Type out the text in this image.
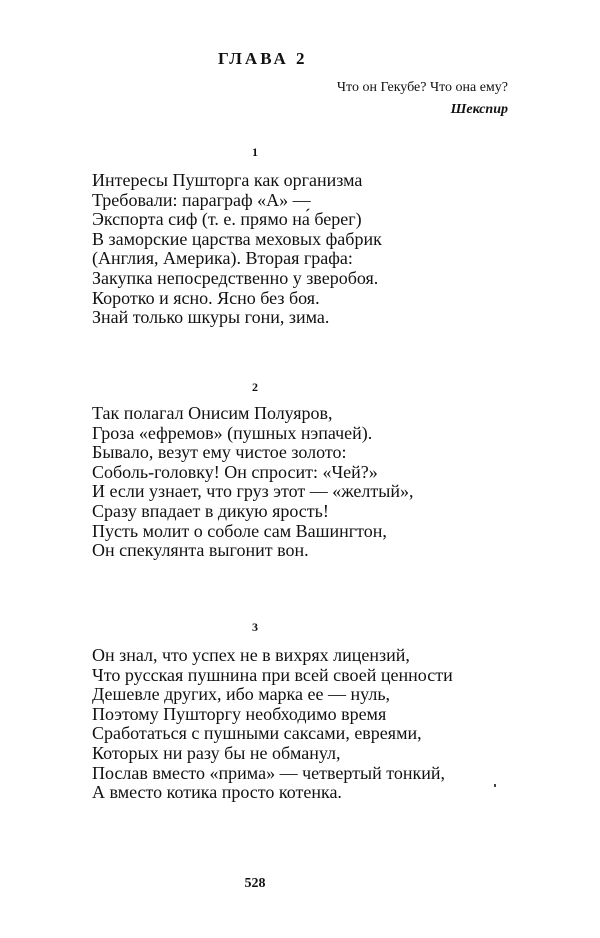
ГЛАВА 2
Что он Гекубе? Что она ему?
Шекспир
1
Интересы Пушторга как организма
Требовали: параграф «А» —
Экспорта сиф (т. е. прямо на́ берег)
В заморские царства меховых фабрик
(Англия, Америка). Вторая графа:
Закупка непосредственно у зверобоя.
Коротко и ясно. Ясно без боя.
Знай только шкуры гони, зима.
2
Так полагал Онисим Полуяров,
Гроза «ефремов» (пушных нэпачей).
Бывало, везут ему чистое золото:
Соболь-головку! Он спросит: «Чей?»
И если узнает, что груз этот — «желтый»,
Сразу впадает в дикую ярость!
Пусть молит о соболе сам Вашингтон,
Он спекулянта выгонит вон.
3
Он знал, что успех не в вихрях лицензий,
Что русская пушнина при всей своей ценности
Дешевле других, ибо марка ее — нуль,
Поэтому Пушторгу необходимо время
Сработаться с пушными саксами, евреями,
Которых ни разу бы не обманул,
Послав вместо «прима» — четвертый тонкий,
А вместо котика просто котенка.
528
